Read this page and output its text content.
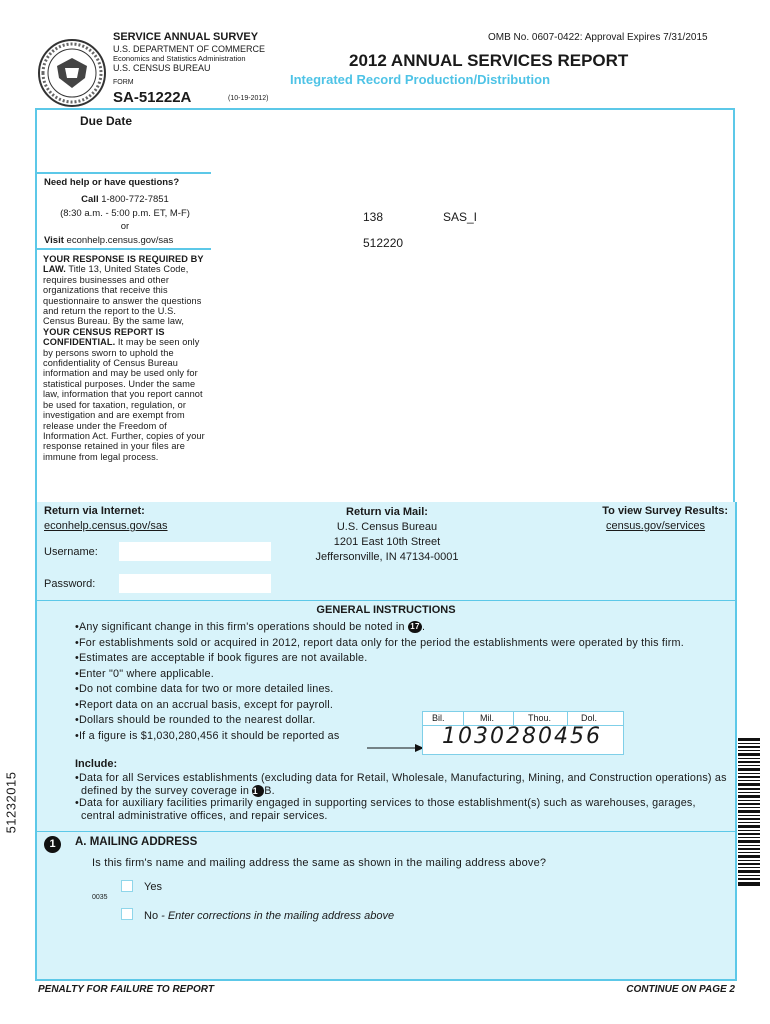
SERVICE ANNUAL SURVEY	OMB No. 0607-0422: Approval Expires 7/31/2015
U.S. DEPARTMENT OF COMMERCE
Economics and Statistics Administration
U.S. CENSUS BUREAU
FORM
SA-51222A	(10-19-2012)
2012 ANNUAL SERVICES REPORT
Integrated Record Production/Distribution
Due Date
Need help or have questions?
Call 1-800-772-7851
(8:30 a.m. - 5:00 p.m. ET, M-F)
or
Visit econhelp.census.gov/sas
YOUR RESPONSE IS REQUIRED BY LAW. Title 13, United States Code, requires businesses and other organizations that receive this questionnaire to answer the questions and return the report to the U.S. Census Bureau. By the same law, YOUR CENSUS REPORT IS CONFIDENTIAL. It may be seen only by persons sworn to uphold the confidentiality of Census Bureau information and may be used only for statistical purposes. Under the same law, information that you report cannot be used for taxation, regulation, or investigation and are exempt from release under the Freedom of Information Act. Further, copies of your response retained in your files are immune from legal process.
138	SAS_I
512220
Return via Internet:
econhelp.census.gov/sas
Username:
Password:
Return via Mail:
U.S. Census Bureau
1201 East 10th Street
Jeffersonville, IN 47134-0001
To view Survey Results:
census.gov/services
GENERAL INSTRUCTIONS

•Any significant change in this firm's operations should be noted in 17 .

•For establishments sold or acquired in 2012, report data only for the period the establishments were operated by this firm.

•Estimates are acceptable if book figures are not available.

•Enter "0" where applicable.

•Do not combine data for two or more detailed lines.

•Report data on an accrual basis, except for payroll.

•Dollars should be rounded to the nearest dollar.

•If a figure is $1,030,280,456 it should be reported as

Bil.	Mil.	Thou.	Dol.
1030280456
Include:
•Data for all Services establishments (excluding data for Retail, Wholesale, Manufacturing, Mining, and Construction operations) as defined by the survey coverage in 1 B.
•Data for auxiliary facilities primarily engaged in supporting services to those establishment(s) such as warehouses, garages, central administrative offices, and repair services.
1	A. MAILING ADDRESS
Is this firm's name and mailing address the same as shown in the mailing address above?
Yes
0035
No - Enter corrections in the mailing address above
51232015
PENALTY FOR FAILURE TO REPORT	CONTINUE ON PAGE 2
